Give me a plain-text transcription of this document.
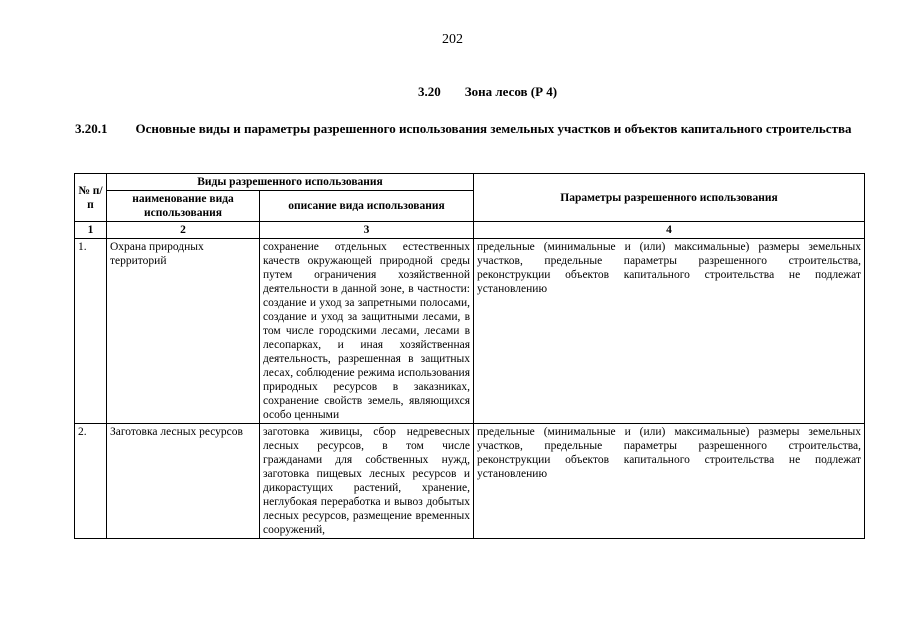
202
3.20 Зона лесов (Р 4)
3.20.1 Основные виды и параметры разрешенного использования земельных участков и объектов капитального строительства
№ п/п	Виды разрешенного использования		Параметры разрешенного использования
	наименование вида использования	описание вида использования	
1	2	3	4
1.	Охрана природных территорий	сохранение отдельных естественных качеств окружающей природной среды путем ограничения хозяйственной деятельности в данной зоне, в частности: создание и уход за запретными полосами, создание и уход за защитными лесами, в том числе городскими лесами, лесами в лесопарках, и иная хозяйственная деятельность, разрешенная в защитных лесах, соблюдение режима использования природных ресурсов в заказниках, сохранение свойств земель, являющихся особо ценными	предельные (минимальные и (или) максимальные) размеры земельных участков, предельные параметры разрешенного строительства, реконструкции объектов капитального строительства не подлежат установлению
2.	Заготовка лесных ресурсов	заготовка живицы, сбор недревесных лесных ресурсов, в том числе гражданами для собственных нужд, заготовка пищевых лесных ресурсов и дикорастущих растений, хранение, неглубокая переработка и вывоз добытых лесных ресурсов, размещение временных сооружений,	предельные (минимальные и (или) максимальные) размеры земельных участков, предельные параметры разрешенного строительства, реконструкции объектов капитального строительства не подлежат установлению
